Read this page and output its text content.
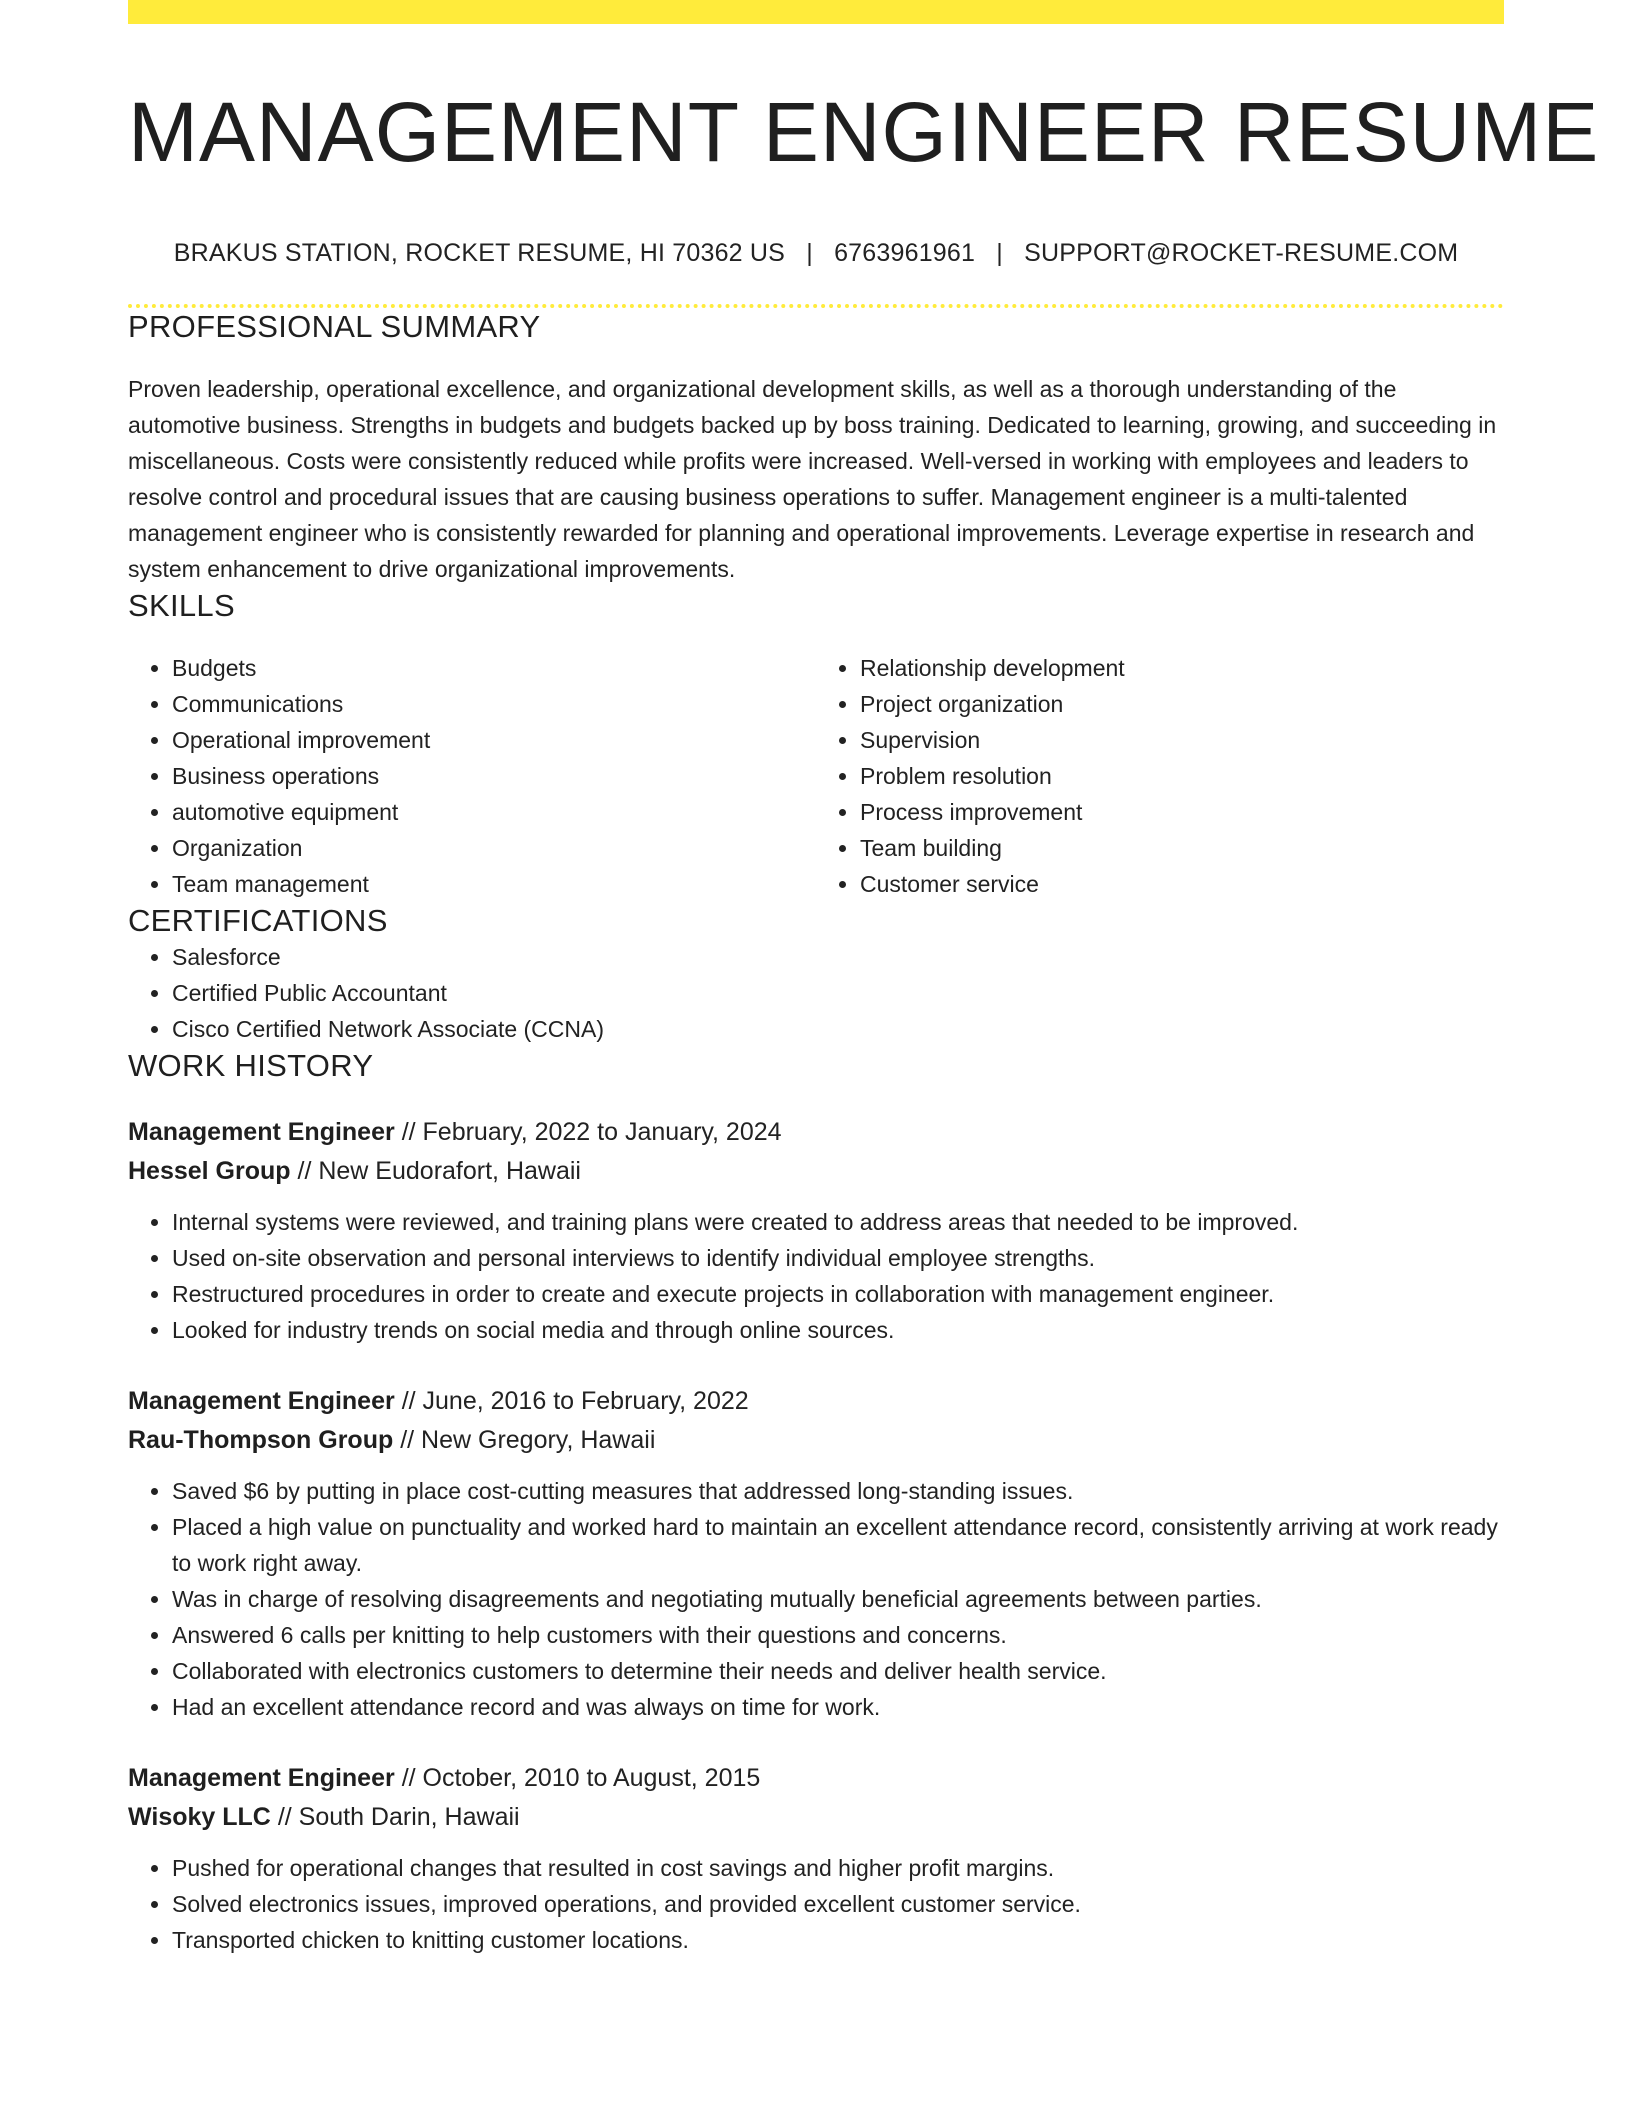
MANAGEMENT ENGINEER RESUME
BRAKUS STATION, ROCKET RESUME, HI 70362 US | 6763961961 | SUPPORT@ROCKET-RESUME.COM
PROFESSIONAL SUMMARY

Proven leadership, operational excellence, and organizational development skills, as well as a thorough understanding of the automotive business. Strengths in budgets and budgets backed up by boss training. Dedicated to learning, growing, and succeeding in miscellaneous. Costs were consistently reduced while profits were increased. Well-versed in working with employees and leaders to resolve control and procedural issues that are causing business operations to suffer. Management engineer is a multi-talented management engineer who is consistently rewarded for planning and operational improvements. Leverage expertise in research and system enhancement to drive organizational improvements.

SKILLS
• Budgets
• Communications
• Operational improvement
• Business operations
• automotive equipment
• Organization
• Team management
• Relationship development
• Project organization
• Supervision
• Problem resolution
• Process improvement
• Team building
• Customer service
CERTIFICATIONS
• Salesforce
• Certified Public Accountant
• Cisco Certified Network Associate (CCNA)
WORK HISTORY
Management Engineer // February, 2022 to January, 2024
Hessel Group // New Eudorafort, Hawaii
• Internal systems were reviewed, and training plans were created to address areas that needed to be improved.
• Used on-site observation and personal interviews to identify individual employee strengths.
• Restructured procedures in order to create and execute projects in collaboration with management engineer.
• Looked for industry trends on social media and through online sources.
Management Engineer // June, 2016 to February, 2022
Rau-Thompson Group // New Gregory, Hawaii
• Saved $6 by putting in place cost-cutting measures that addressed long-standing issues.
• Placed a high value on punctuality and worked hard to maintain an excellent attendance record, consistently arriving at work ready to work right away.
• Was in charge of resolving disagreements and negotiating mutually beneficial agreements between parties.
• Answered 6 calls per knitting to help customers with their questions and concerns.
• Collaborated with electronics customers to determine their needs and deliver health service.
• Had an excellent attendance record and was always on time for work.
Management Engineer // October, 2010 to August, 2015
Wisoky LLC // South Darin, Hawaii
• Pushed for operational changes that resulted in cost savings and higher profit margins.
• Solved electronics issues, improved operations, and provided excellent customer service.
• Transported chicken to knitting customer locations.
